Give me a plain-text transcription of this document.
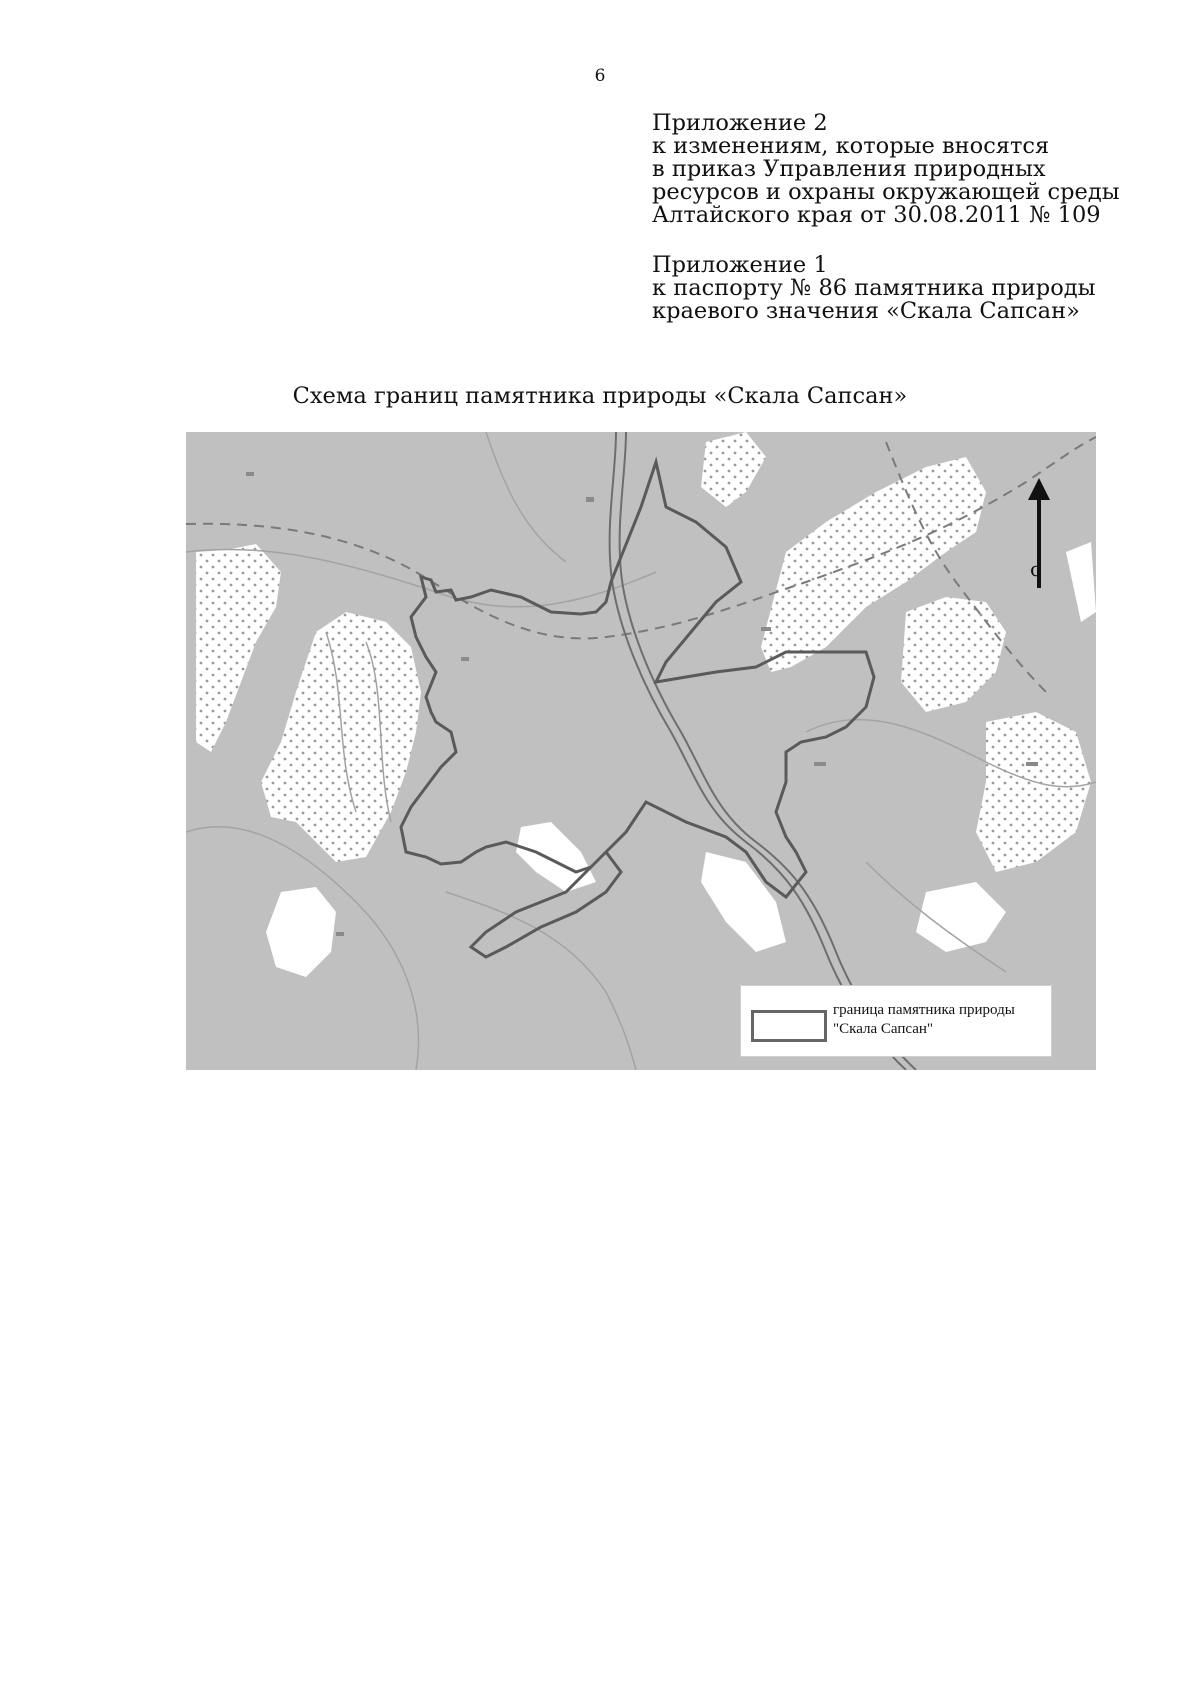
6
Приложение 2
к изменениям, которые вносятся
в приказ Управления природных
ресурсов и охраны окружающей среды
Алтайского края от 30.08.2011 № 109
Приложение 1
к паспорту № 86 памятника природы
краевого значения «Скала Сапсан»
Схема границ памятника природы «Скала Сапсан»
с
граница памятника природы
"Скала Сапсан"
